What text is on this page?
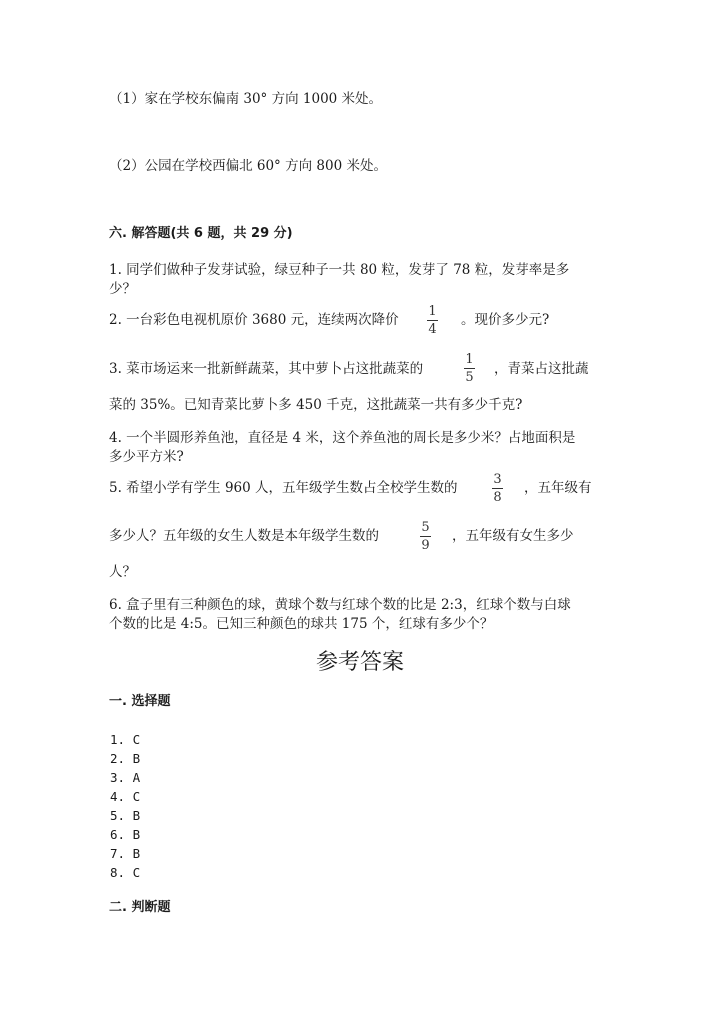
（1）家在学校东偏南 30° 方向 1000 米处。
（2）公园在学校西偏北 60° 方向 800 米处。
六. 解答题(共 6 题，共 29 分)
1. 同学们做种子发芽试验，绿豆种子一共 80 粒，发芽了 78 粒，发芽率是多
少？
2. 一台彩色电视机原价 3680 元，连续两次降价
1
4
。现价多少元?
3. 菜市场运来一批新鲜蔬菜，其中萝卜占这批蔬菜的
1
5
，青菜占这批蔬
菜的 35%。已知青菜比萝卜多 450 千克，这批蔬菜一共有多少千克?
4. 一个半圆形养鱼池，直径是 4 米，这个养鱼池的周长是多少米？占地面积是
多少平方米?
5. 希望小学有学生 960 人，五年级学生数占全校学生数的
3
8
，五年级有
多少人？五年级的女生人数是本年级学生数的
5
9
，五年级有女生多少
人？
6. 盒子里有三种颜色的球，黄球个数与红球个数的比是 2:3，红球个数与白球
个数的比是 4:5。已知三种颜色的球共 175 个，红球有多少个？
参考答案
一. 选择题
1. C
2. B
3. A
4. C
5. B
6. B
7. B
8. C
二. 判断题
